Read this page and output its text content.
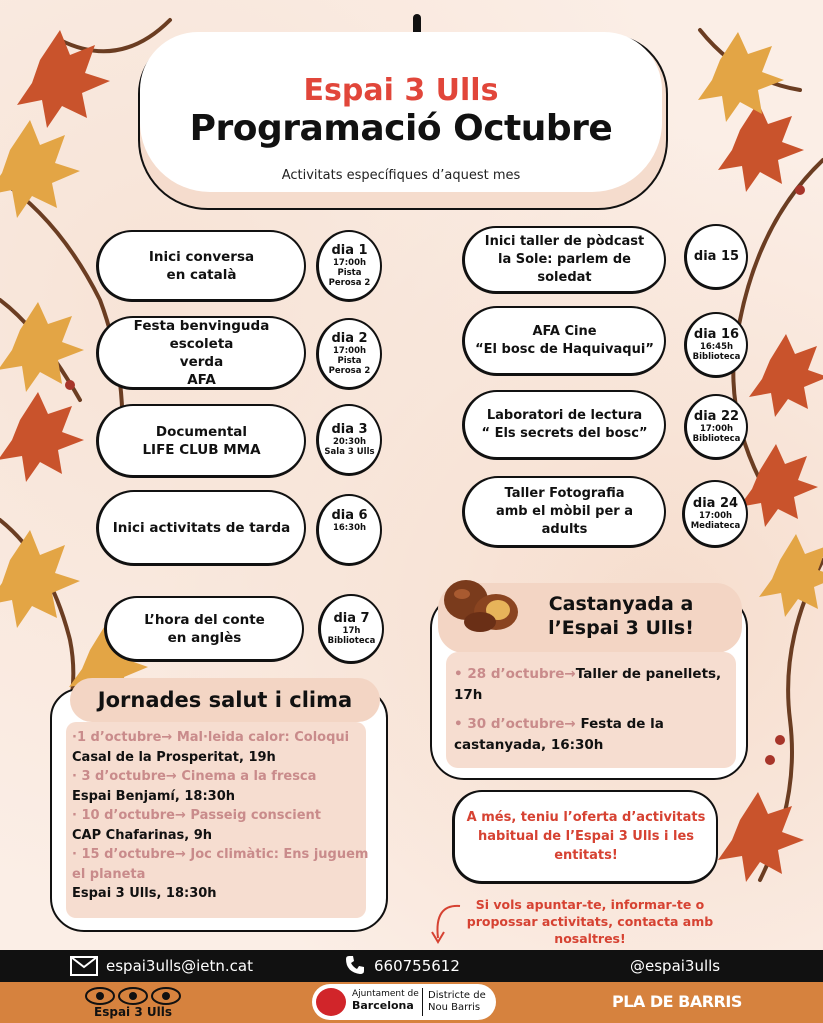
Espai 3 Ulls
Programació Octubre
Activitats específiques d’aquest mes
Inici conversa
en català
dia 1
17:00h
Pista
Perosa 2
Festa benvinguda escoleta
verda
AFA
dia 2
17:00h
Pista
Perosa 2
Documental
LIFE CLUB MMA
dia 3
20:30h
Sala 3 Ulls
Inici activitats de tarda
dia 6
16:30h
L’hora del conte
en anglès
dia 7
17h
Biblioteca
Inici taller de pòdcast
la Sole: parlem de soledat
dia 15
AFA Cine
“El bosc de Haquivaqui”
dia 16
16:45h
Biblioteca
Laboratori de lectura
“ Els secrets del bosc”
dia 22
17:00h
Biblioteca
Taller Fotografia
amb el mòbil per a adults
dia 24
17:00h
Mediateca
Jornades salut i clima
·1 d’octubre→ Mal·leida calor: Coloqui
Casal de la Prosperitat, 19h
· 3 d’octubre→ Cinema a la fresca
Espai Benjamí, 18:30h
· 10 d’octubre→ Passeig conscient
CAP Chafarinas, 9h
· 15 d’octubre→ Joc climàtic: Ens juguem el planeta
Espai 3 Ulls, 18:30h
Castanyada a
l’Espai 3 Ulls!
• 28 d’octubre→Taller de panellets, 17h
• 30 d’octubre→ Festa de la castanyada, 16:30h
A més, teniu l’oferta d’activitats habitual de l’Espai 3 Ulls i les entitats!
Si vols apuntar-te, informar-te o propossar activitats, contacta amb nosaltres!
espai3ulls@ietn.cat	660755612	@espai3ulls
Espai 3 Ulls
Ajuntament de
Barcelona
Districte de
Nou Barris	PLA DE BARRIS
